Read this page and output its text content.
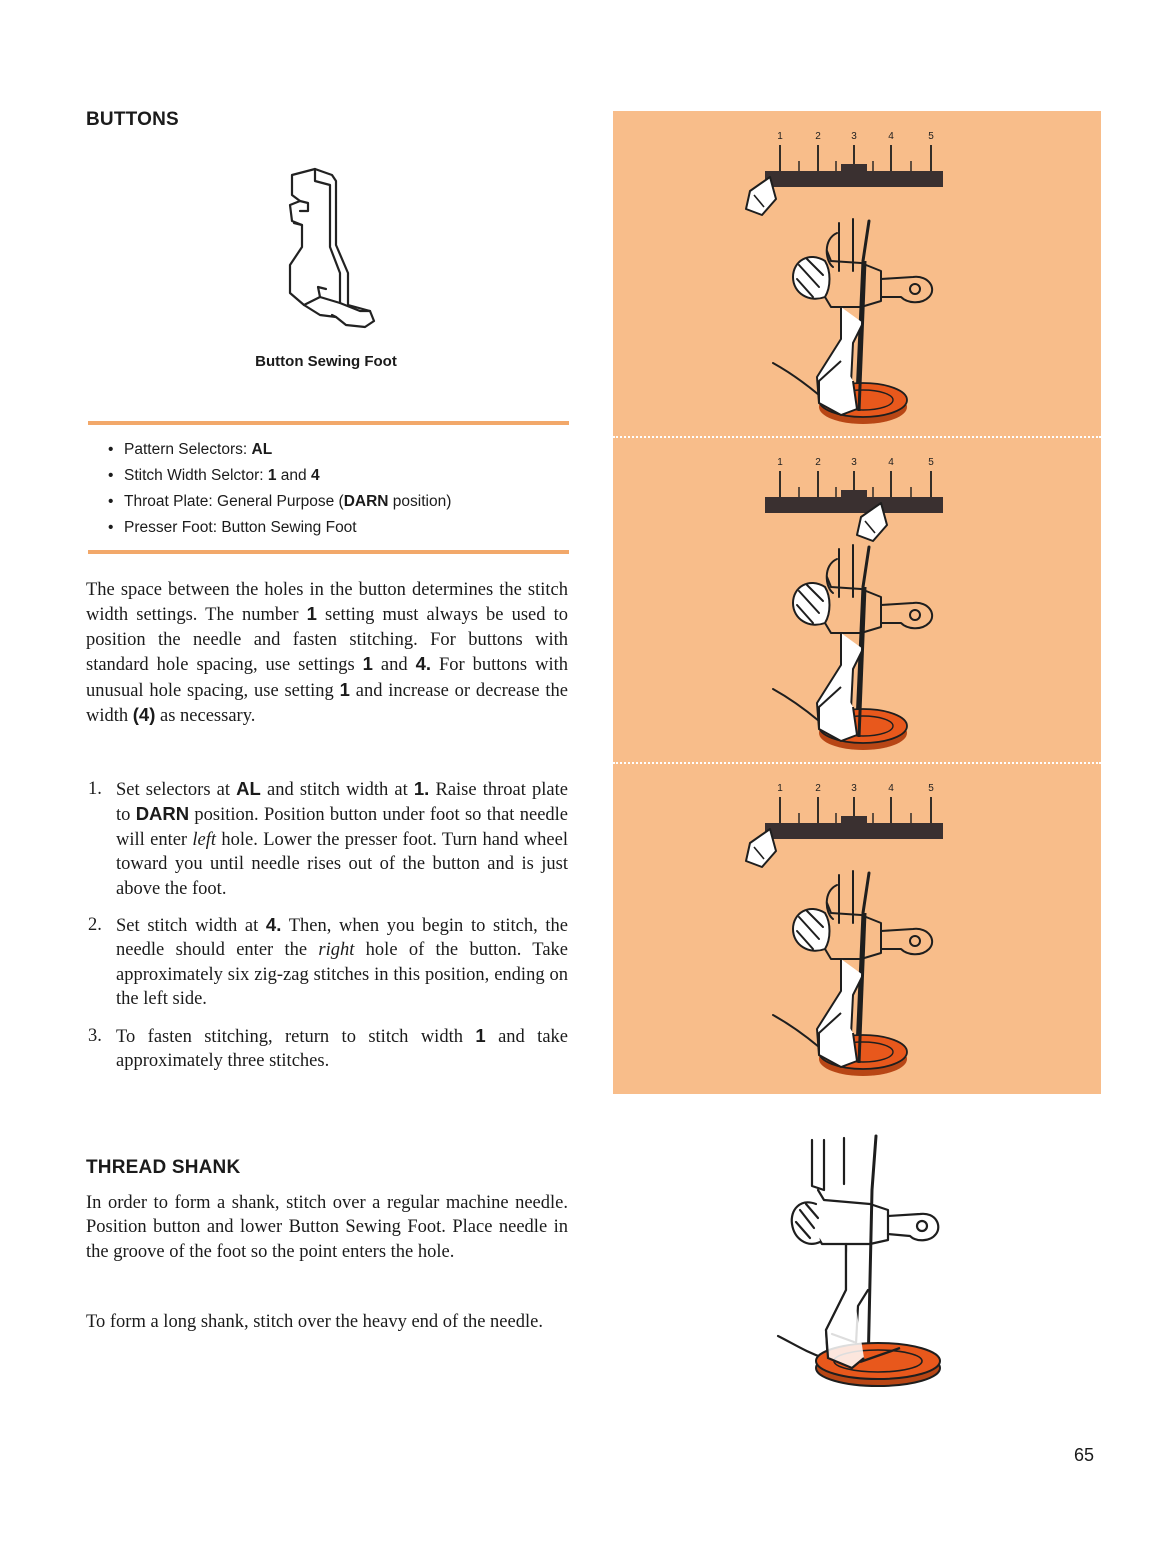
BUTTONS
Button Sewing Foot
• Pattern Selectors: AL
• Stitch Width Selctor: 1 and 4
• Throat Plate: General Purpose (DARN position)
• Presser Foot: Button Sewing Foot

The space between the holes in the button determines the stitch width settings. The number 1 setting must always be used to position the needle and fasten stitching. For buttons with standard hole spacing, use settings 1 and 4. For buttons with unusual hole spacing, use setting 1 and increase or decrease the width (4) as necessary.

1. Set selectors at AL and stitch width at 1. Raise throat plate to DARN position. Position button under foot so that needle will enter left hole. Lower the presser foot. Turn hand wheel toward you until needle rises out of the button and is just above the foot.
2. Set stitch width at 4. Then, when you begin to stitch, the needle should enter the right hole of the button. Take approximately six zig-zag stitches in this position, ending on the left side.
3. To fasten stitching, return to stitch width 1 and take approximately three stitches.
THREAD SHANK

In order to form a shank, stitch over a regular machine needle. Position button and lower Button Sewing Foot. Place needle in the groove of the foot so the point enters the hole.

To form a long shank, stitch over the heavy end of the needle.

1	2	3	4	5
1	2	3	4	5
1	2	3	4	5
65
